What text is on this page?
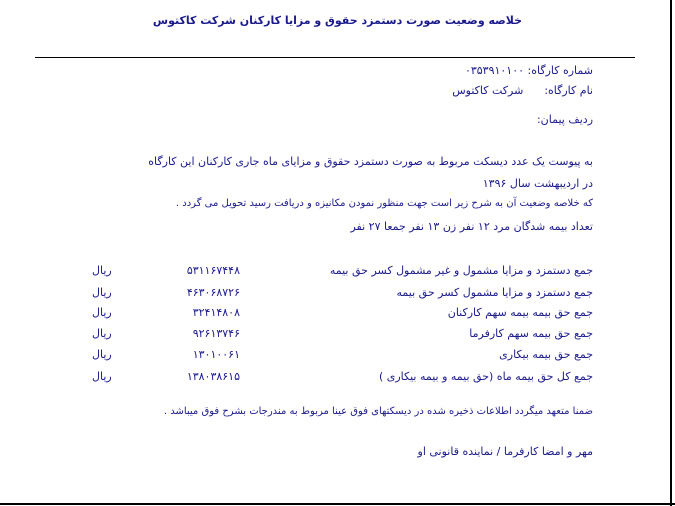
خلاصه وضعیت صورت دستمزد حقوق و مزایا کارکنان شرکت کاکتوس
شماره کارگاه: ۰۳۵۳۹۱۰۱۰۰
نام کارگاه:      شرکت کاکتوس
ردیف پیمان:
به پیوست یک عدد دیسکت مربوط به صورت دستمزد حقوق و مزایای ماه جاری کارکنان این کارگاه
در اردیبهشت سال ۱۳۹۶
که خلاصه وضعیت آن به شرح زیر است جهت منظور نمودن مکانیزه و دریافت رسید تحویل می گردد .
تعداد بیمه شدگان مرد ۱۲ نفر زن ۱۳ نفر جمعا ۲۷ نفر
جمع دستمزد و مزایا مشمول و غیر مشمول کسر حق بیمه
۵۳۱۱۶۷۴۴۸
ریال
جمع دستمزد و مزایا مشمول کسر حق بیمه
۴۶۳۰۶۸۷۲۶
ریال
جمع حق بیمه بیمه سهم کارکنان
۳۲۴۱۴۸۰۸
ریال
جمع حق بیمه سهم کارفرما
۹۲۶۱۳۷۴۶
ریال
جمع حق بیمه بیکاری
۱۳۰۱۰۰۶۱
ریال
جمع کل حق بیمه ماه (حق بیمه و بیمه بیکاری )
۱۳۸۰۳۸۶۱۵
ریال
ضمنا متعهد میگردد اطلاعات ذخیره شده در دیسکتهای فوق عینا مربوط به مندرجات بشرح فوق میباشد .
مهر و امضا کارفرما / نماینده قانونی او
